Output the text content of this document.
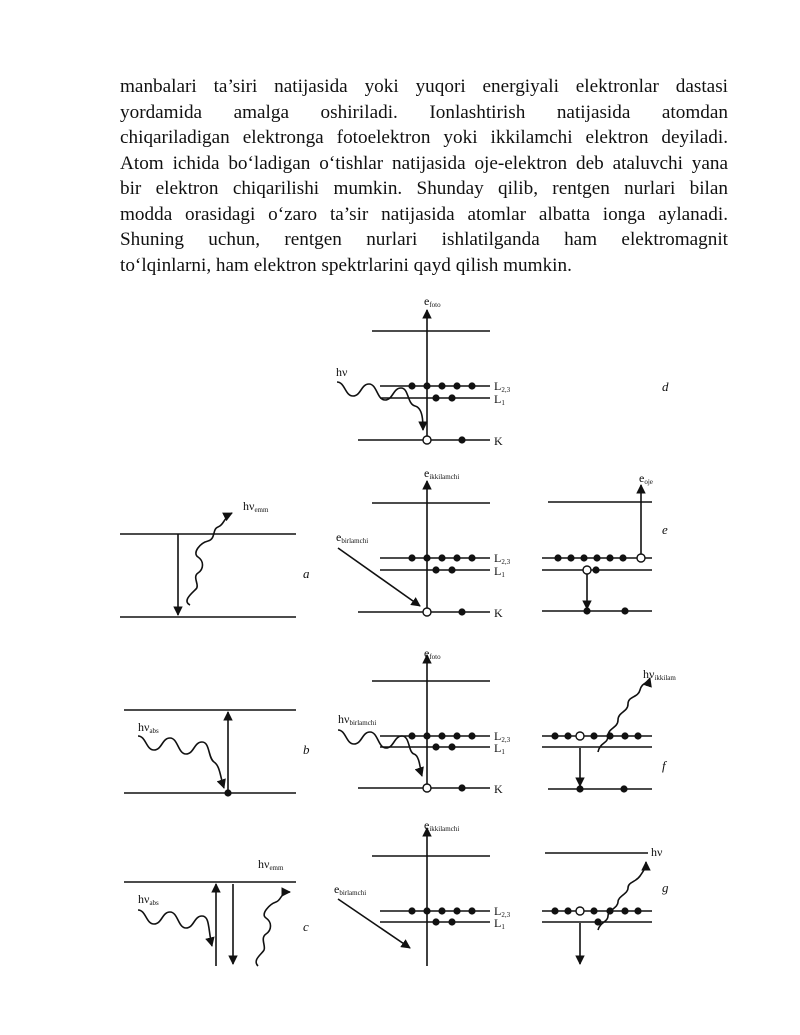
manbalari ta’siri natijasida yoki yuqori energiyali elektronlar dastasi
yordamida amalga oshiriladi. Ionlashtirish natijasida atomdan
chiqariladigan elektronga fotoelektron yoki ikkilamchi elektron deyiladi.
Atom ichida bo‘ladigan o‘tishlar natijasida oje-elektron deb ataluvchi yana
bir elektron chiqarilishi mumkin. Shunday qilib, rentgen nurlari bilan
modda orasidagi o‘zaro ta’sir natijasida atomlar albatta ionga aylanadi.
Shuning uchun, rentgen nurlari ishlatilganda ham elektromagnit
to‘lqinlarni, ham elektron spektrlarini qayd qilish mumkin.

efoto
hν
L2,3
L1
K
d
hνemm
a
eikkilamchi
ebirlamchi
L2,3
L1
K
eoje
e
hνabs
b
efoto
hνbirlamchi
L2,3
L1
K
hνikkilam
f
hνemm
hνabs
c
eikkilamchi
ebirlamchi
L2,3
L1
hν
g
